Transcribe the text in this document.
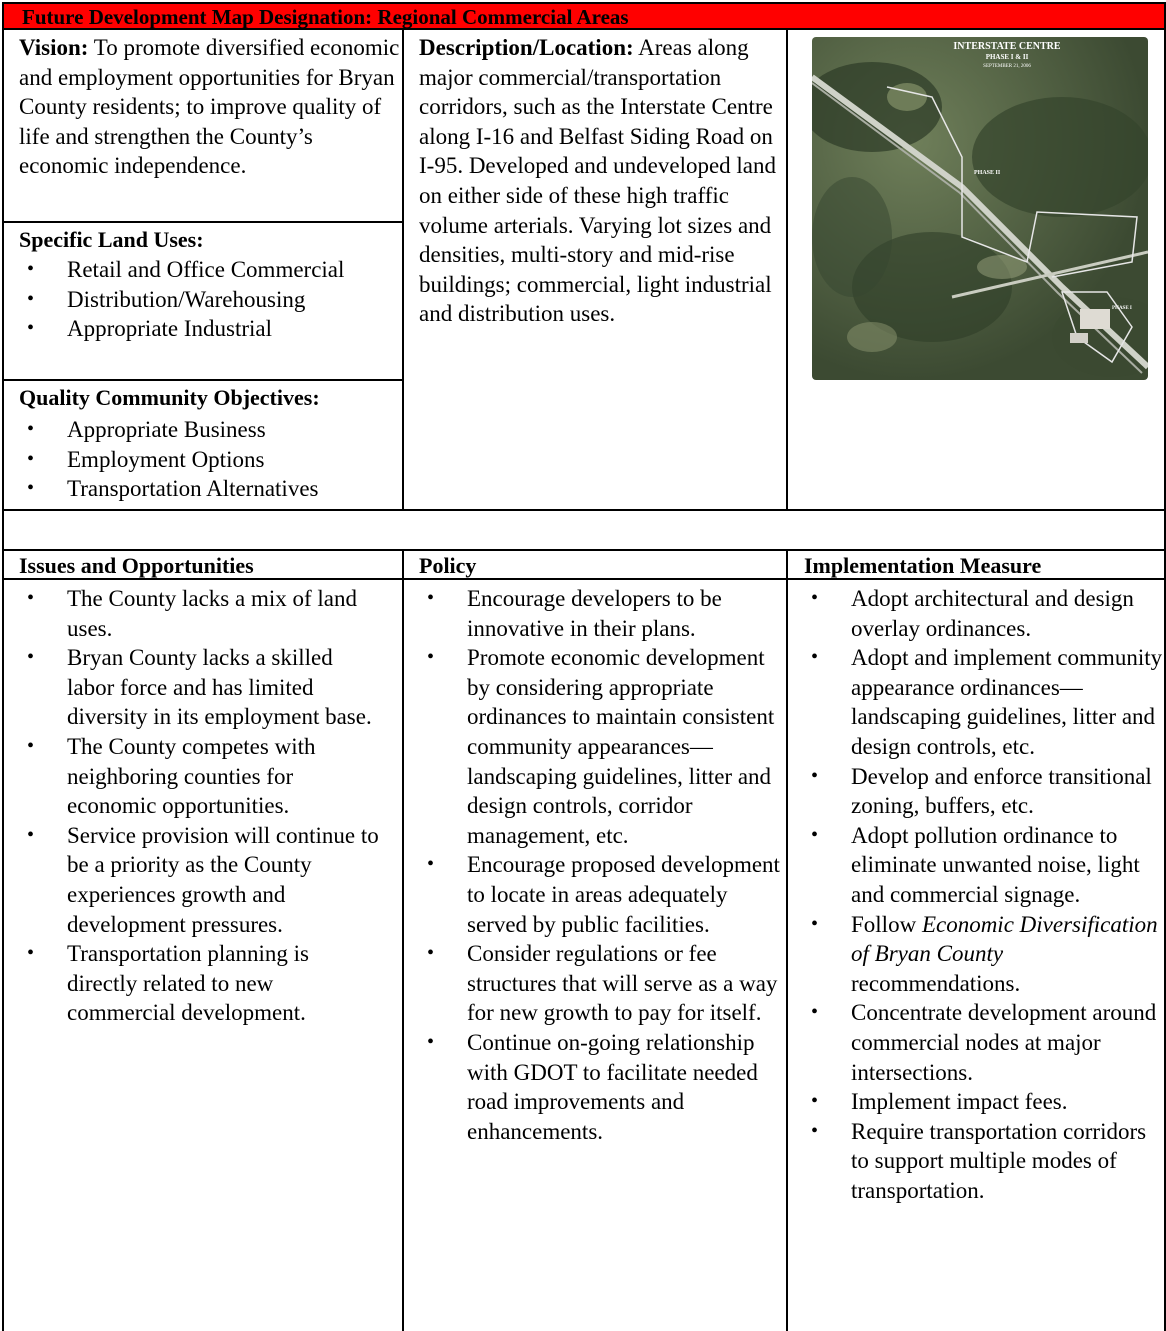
Future Development Map Designation: Regional Commercial Areas

Vision: To promote diversified economic and employment opportunities for Bryan County residents; to improve quality of life and strengthen the County’s economic independence.

Specific Land Uses:

• Retail and Office Commercial
• Distribution/Warehousing
• Appropriate Industrial

Quality Community Objectives:

• Appropriate Business
• Employment Options
• Transportation Alternatives

Description/Location: Areas along major commercial/transportation corridors, such as the Interstate Centre along I-16 and Belfast Siding Road on I-95. Developed and undeveloped land on either side of these high traffic volume arterials. Varying lot sizes and densities, multi-story and mid-rise buildings; commercial, light industrial and distribution uses.

INTERSTATE CENTRE
PHASE I & II
SEPTEMBER 21, 2006
PHASE II
PHASE I

Issues and Opportunities	Policy	Implementation Measure

• The County lacks a mix of land uses.
• Bryan County lacks a skilled labor force and has limited diversity in its employment base.
• The County competes with neighboring counties for economic opportunities.
• Service provision will continue to be a priority as the County experiences growth and development pressures.
• Transportation planning is directly related to new commercial development.
• Encourage developers to be innovative in their plans.
• Promote economic development by considering appropriate ordinances to maintain consistent community appearances—landscaping guidelines, litter and design controls, corridor management, etc.
• Encourage proposed development to locate in areas adequately served by public facilities.
• Consider regulations or fee structures that will serve as a way for new growth to pay for itself.
• Continue on-going relationship with GDOT to facilitate needed road improvements and enhancements.
• Adopt architectural and design overlay ordinances.
• Adopt and implement community appearance ordinances—landscaping guidelines, litter and design controls, etc.
• Develop and enforce transitional zoning, buffers, etc.
• Adopt pollution ordinance to eliminate unwanted noise, light and commercial signage.
• Follow Economic Diversification of Bryan County recommendations.
• Concentrate development around commercial nodes at major intersections.
• Implement impact fees.
• Require transportation corridors to support multiple modes of transportation.
